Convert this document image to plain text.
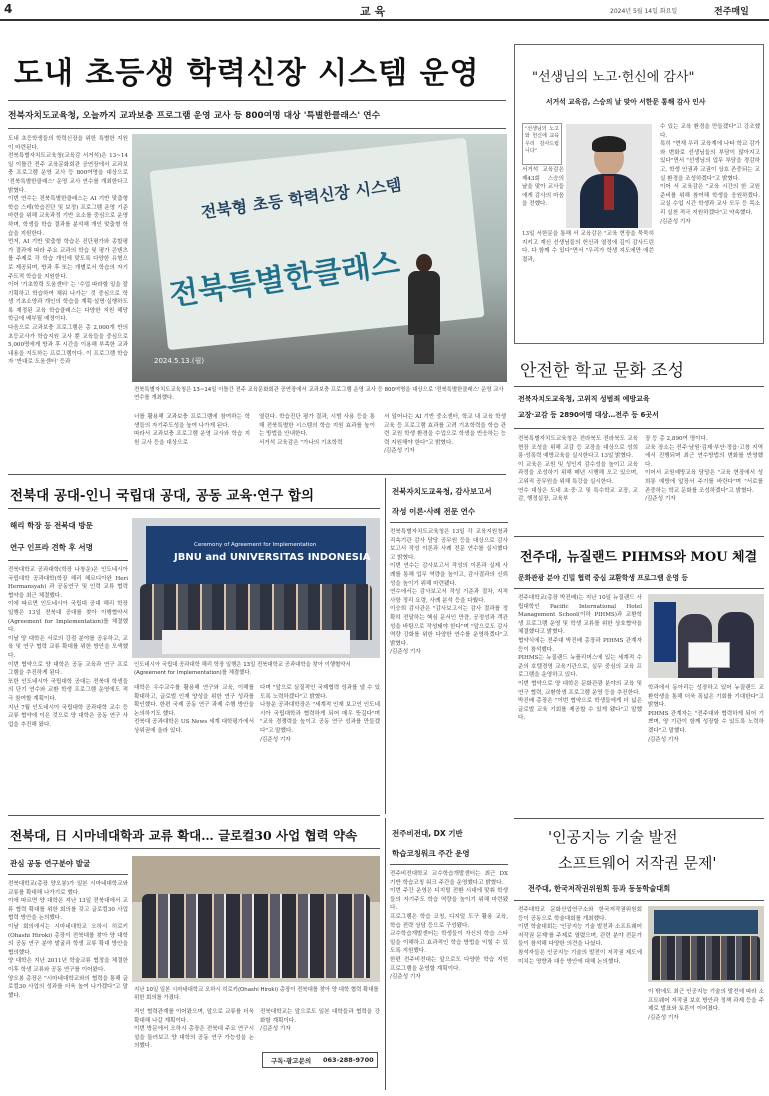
4	교 육	2024년 5월 14일 화요일	전주매일
도내 초등생 학력신장 시스템 운영
전북자치도교육청, 오늘까지 교과보충 프로그램 운영 교사 등 800여명 대상 '특별한클래스' 연수
도내 초등학생들의 학력신장을 위한 특별한 지원이 마련된다.
전북특별자치도교육청(교육감 서거석)은 13~14일 이틀간 전주 교육문화회관 공연장에서 교과보충 프로그램 운영 교사 등 800여명을 대상으로 '전북특별한클래스' 운영 교사 연수를 개최한다고 밝혔다.
이번 연수는 전북특별한클래스는 AI 기반 맞춤형 학습 스테(학습진단 및 보정) 프로그램 운영 기준 마련을 위해 교육과정 기반 요소를 중심으로 운영하며, 학생들 학습 결과를 분석해 개인 맞춤형 학습을 지원한다.
먼저, AI 기반 맞춤형 학습은 진단평가와 종합평가 결과에 따라 주요 교과의 학습 및 평가 콘텐츠를 주제로 각 학습 개인에 맞도록 다양한 유형으로 제공되며, 방과 후 또는 개별로서 학습의 자기주도적 학습을 지원한다.
이어 '기초학력 도움센터' 는 '수업 따라할 일을 잘 기획하고 학습하여 채워 나가는' 것 중심으로 학생 기초소양과 개인의 학습을 계획·설명·실행하도록 재정된 교육 학습클래스는 다양한 지원 해당 학급에 배부될 예정이다.
다음으로 교과보충 프로그램은 총 2,000개 반의 초등교사가 학습지원 교사 뿐 교육들을 중심으로 5,000명에게 방과 후 시간을 이용해 부족한 교과 내용을 지도하는 프로그램이다. 이 프로그램 학습자 '반대로 도움센터' 등과
전북형 초등 학력신장 시스템
전북특별한클래스
2024.5.13.(월)
전북특별자치도교육청은 13~14일 이틀간 전주 교육문화회관 공연장에서 교과보충 프로그램 운영 교사 등 800여명을 대상으로 '전북특별한클래스' 운영 교사 연수를 개최했다.
너를 활용해 교과보충 프로그램에 참여하는 학생들의 자기주도성을 높여 나가게 된다.
따라서 교과보충 프로그램 운영 교사와 학습 지원 교사 등을 대상으로
열린다. 학습진단 평가 결과, 시범 사용 등을 통해 전북특별한 시스템의 학습 지원 효과를 높이는 방법을 안내한다.
서거석 교육감은 "가나의 기초학력
서 일어나는 AI 기반 중소센터, 학교 내 교육 학생 교육 등 프로그램 효과를 고려 기초학력을 학습 관련 교원 학생 환경을 수업으로 학생을 반응하는 능력 지원해야 한다"고 밝혔다.
/김준성 기자
"선생님의 노고·헌신에 감사"
서거석 교육감, 스승의 날 맞아 서한문 통해 감사 인사
"선생님의 노고와 헌신에 교육 우리 감사드립니다"
서거석 교육감은 제43회 스승의 날을 맞아 교사들에게 감사의 마음을 전했다.
13일 서한문을 통해 서 교육감은 "교육 현장을 묵묵히 지키고 계신 선생님들의 헌신과 열정에 깊이 감사드린다. 다 함께 수 있다"면서 "우리가 학생 지도에만 애쓴 결과,
수 있는 교육 환경을 만들겠다"고 강조했다.
특히 "현재 우리 교육계에 나타 학교 감가와 변화로 선생님들의 부담이 많아지고 있다"면서 "선생님의 업무 부담을 경감하고, 학생 인권과 교권이 상호 존중되는 교실 환경을 조성하겠다"고 밝혔다.
이어 서 교육감은 "교육 시간의 한 교원 준비를 위해 참여해 학생을 응원하겠다. 교실 수업 시간 학생과 교사 모두 등 목소리 실천 적극 지원하겠다"고 약속했다.
/김준성 기자
안전한 학교 문화 조성
전북자치도교육청, 고위직 성범죄 예방교육
교장·교감 등 2890여명 대상…전주 등 6곳서
전북특별자치도교육청은 전라북도 전라북도 교육 현장 조성을 위해 교감 등 교장을 대상으로 성희롱·성폭력 예방교육을 실시한다고 13일 밝혔다.
이 교육은 교원 및 성인지 감수성을 높이고 교육 과정을 조성하기 위해 매년 시행해 오고 있으며, 고위직 공무원을 위해 특강을 실시한다.
연수 대상은 도내 초·중·고 및 특수학교 교장, 교감, 행정실장, 교육부
장 등 총 2,890여 명이다.
교육 장소는 전주·남원·김제·부안·정읍·고창 지역에서 진행되며 최근 연수방법의 변화를 반영했다.
이어서 교원예방교육 담당은 "교육 현장에서 성희롱 예방에 앞장서 주기를 바란다"며 "서로를 존중하는 학교 문화를 조성하겠다"고 밝혔다.
/김준성 기자
전북대 공대-인니 국립대 공대, 공동 교육·연구 합의
해리 학장 등 전북대 방문
연구 인프라 견학 후 서명
전북대학교 공과대학(학장 나창운)은 인도네시아 국립대학 공과대학(학장 해리 헤르디아완 Heri Hermansyah) 과 공동연구 및 인력 교류 협력 협약을 최근 체결했다.
이에 따르면 인도네시아 국립대 공대 해리 학장 일행은 13일 전북대 공대를 찾아 이행협약서(Agreement for Implementation)를 체결했다.
이날 양 대학은 서로의 강점 분야를 공유하고, 교육 및 연구 협력 교류 확대를 위한 방안을 모색했다.
이번 협약으로 양 대학은 공동 교육과 연구 프로그램을 추진하게 된다.
또한 인도네시아 국립대학 공대는 전북대 학생들의 단기 연수와 교환 학생 프로그램 운영에도 적극 참여할 계획이다.
지난 7월 인도네시아 국립대학 공과대학 교수 등 교류 협약에 이은 것으로 양 대학은 공동 연구 사업을 추진해 왔다.
Ceremony of Agreement for Implementation
JBNU and UNIVERSITAS INDONESIA
인도네시아 국립대 공과대학 해리 학장 일행은 13일 전북대학교 공과대학을 찾아 이행협약서(Agreement for Implementation)를 체결했다.
대학은 우수교수를 활용해 연구와 교육, 이해를 확대하고, 글로벌 인재 양성을 위한 연구 성과를 확인했다. 한편 국제 공동 연구 과제 수행 방안을 논의하기도 했다.
전북대 공과대학은 US News 세계 대학평가에서 상위권에 올라 있다.
다며 "앞으로 실질적인 국제협력 성과를 낼 수 있도록 노력하겠다"고 밝혔다.
나창운 공과대학장은 "세계적 인재 보고인 인도네시아 국립대학과 협력하게 되어 매우 뜻깊다"며 "교육 경쟁력을 높이고 공동 연구 성과를 만들겠다"고 말했다.
/김준성 기자
전북자치도교육청, 감사보고서
작성 이론·사례 전문 연수
전북특별자치도교육청은 13일 각 교육지원청과 직속기관 감사 담당 공무원 등을 대상으로 감사보고서 작성 이론과 사례 전문 연수를 실시했다고 밝혔다.
이번 연수는 감사보고서 작성의 이론과 실제 사례를 통해 업무 역량을 높이고, 감사결과의 신뢰성을 높이기 위해 마련됐다.
연수에서는 감사보고서 작성 기준과 절차, 지적 사항 정리 요령, 사례 분석 등을 다뤘다.
이승희 감사관은 "감사보고서는 감사 결과를 정확히 전달하는 핵심 문서인 만큼, 공정성과 객관성을 바탕으로 작성돼야 한다"며 "앞으로도 감사 역량 강화를 위한 다양한 연수를 운영하겠다"고 밝혔다.
/김준성 기자
전주대, 뉴질랜드 PIHMS와 MOU 체결
문화관광 분야 긴밀 협력 중심 교환학생 프로그램 운영 등
전주대학교(총장 박진배)는 지난 10일 뉴질랜드 사립대학인 Pacific International Hotel Management School(이하 PIHMS)과 교환학생 프로그램 운영 및 학생 교류를 위한 상호협약을 체결했다고 밝혔다.
협약식에는 전주대 박진배 총장과 PIHMS 관계자 등이 참석했다.
PIHMS는 뉴질랜드 뉴플리머스에 있는 세계적 수준의 호텔경영 교육기관으로, 실무 중심의 교육 프로그램을 운영하고 있다.
이번 협약으로 양 대학은 문화관광 분야의 교육 및 연구 협력, 교환학생 프로그램 운영 등을 추진한다.
박진배 총장은 "이번 협약으로 학생들에게 더 넓은 글로벌 교육 기회를 제공할 수 있게 됐다"고 말했다.
학과에서 동아리는 성장하고 있어 뉴질랜드 교환학생을 통해 더욱 폭넓은 기회를 기대한다"고 밝혔다.
PIHMS 관계자는 "전주대와 협력하게 되어 기쁘며, 양 기관이 함께 성장할 수 있도록 노력하겠다"고 말했다.
/김준성 기자
전북대, 日 시마네대학과 교류 확대… 글로컬30 사업 협력 약속
관심 공동 연구분야 발굴
전북대학교(총장 양오봉)가 일본 시마네대학교와 교류를 확대해 나가기로 했다.
이에 따르면 양 대학은 지난 13일 전북대에서 교류 협력 확대를 위한 회의를 갖고 글로컬30 사업 협력 방안을 논의했다.
이날 회의에서는 시마네대학교 오하시 히로키(Ohashi Hiroki) 총장이 전북대를 찾아 양 대학의 공동 연구 분야 발굴과 학생 교류 확대 방안을 협의했다.
양 대학은 지난 2011년 학술교류 협정을 체결한 이후 학생 교류와 공동 연구를 이어왔다.
양오봉 총장은 "시마네대학교와의 협력을 통해 글로컬30 사업의 성과를 더욱 높여 나가겠다"고 말했다.
지난 10일 일본 시마네대학교 오하시 히로키(Ohashi Hiroki) 총장이 전북대를 찾아 양 대학 협력 확대를 위한 회의를 가졌다.
적인 협력관계를 이어왔으며, 앞으로 교류를 더욱 확대해 나갈 계획이다.
이번 방문에서 오하시 총장은 전북대 주요 연구시설을 둘러보고 양 대학의 공동 연구 가능성을 논의했다.
전북대학교는 앞으로도 일본 대학들과 협력을 강화할 계획이다.
/김준성 기자
구독·광고문의 063-288-9700
전주비전대, DX 기반
학습코칭워크 주간 운영
전주비전대학교 교수학습개발센터는 최근 DX 기반 학습코칭 워크 주간을 운영했다고 밝혔다.
이번 주간 운영은 디지털 전환 시대에 맞춰 학생들의 자기주도 학습 역량을 높이기 위해 마련됐다.
프로그램은 학습 코칭, 디지털 도구 활용 교육, 학습 전략 상담 등으로 구성됐다.
교수학습개발센터는 학생들이 자신의 학습 스타일을 이해하고 효과적인 학습 방법을 익힐 수 있도록 지원했다.
한편 전주비전대는 앞으로도 다양한 학습 지원 프로그램을 운영할 계획이다.
/김준성 기자
'인공지능 기술 발전
소프트웨어 저작권 문제'
전주대, 한국저작권위원회 등과 동동학술대회
전주대학교 문화산업연구소와 한국저작권위원회 등이 공동으로 학술대회를 개최했다.
이번 학술대회는 '인공지능 기술 발전과 소프트웨어 저작권 문제'를 주제로 열렸으며, 관련 분야 전문가들이 참석해 다양한 의견을 나눴다.
참석자들은 인공지능 기술의 발전이 저작권 제도에 미치는 영향과 대응 방안에 대해 논의했다.
이 밖에도 최근 인공지능 기술의 발전에 따라 소프트웨어 저작권 보호 방안과 정책 과제 등을 주제로 발표와 토론이 이어졌다.
/김준성 기자
